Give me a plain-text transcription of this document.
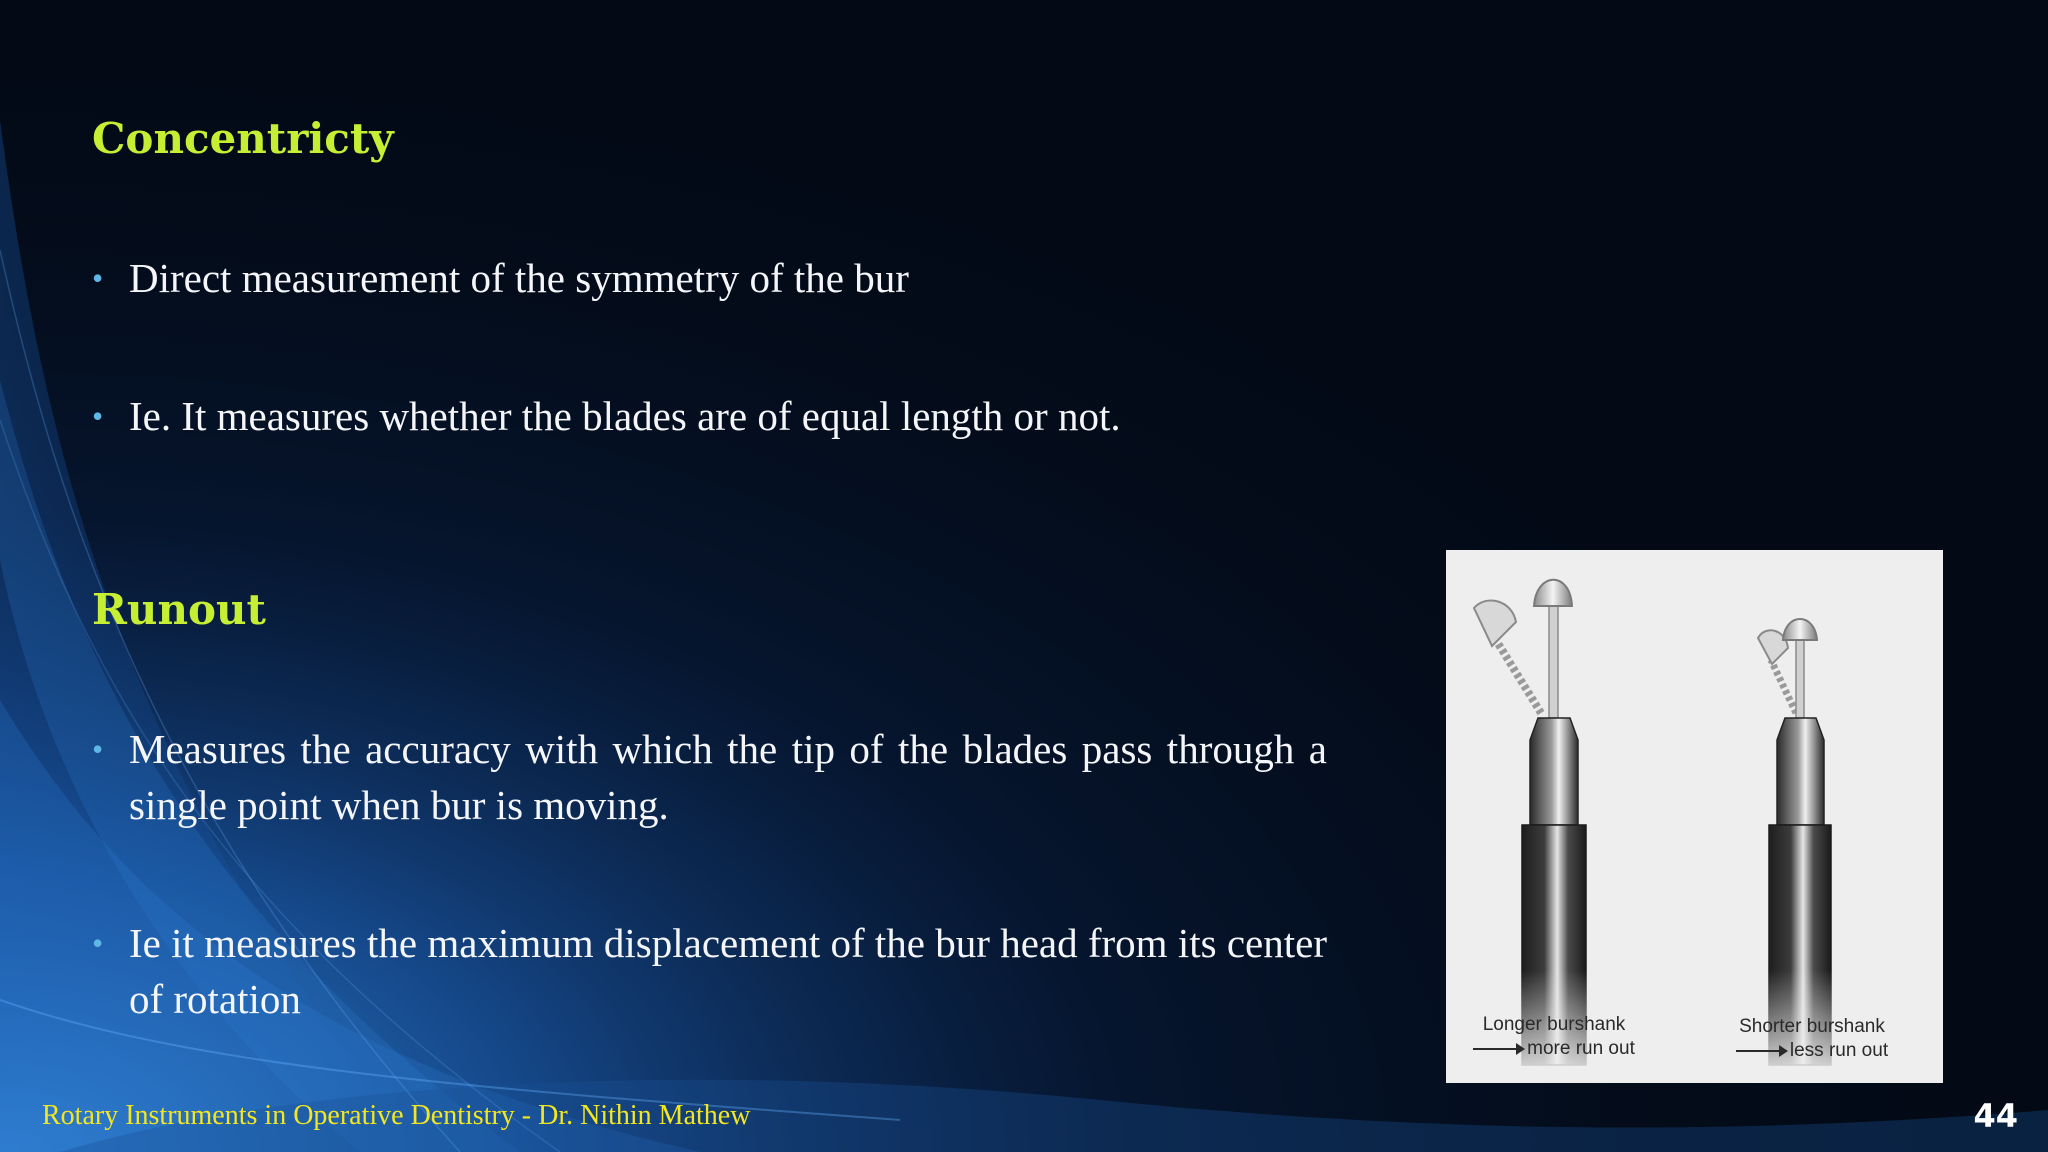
Concentricty
• Direct measurement of the symmetry of the bur
• Ie. It measures whether the blades are of equal length or not.
Runout
• Measures the accuracy with which the tip of the blades pass through a single point when bur is moving.
• Ie it measures the maximum displacement of the bur head from its center of rotation
Longer burshank
more run out
Shorter burshank
less run out
Rotary Instruments in Operative Dentistry - Dr. Nithin Mathew	44
